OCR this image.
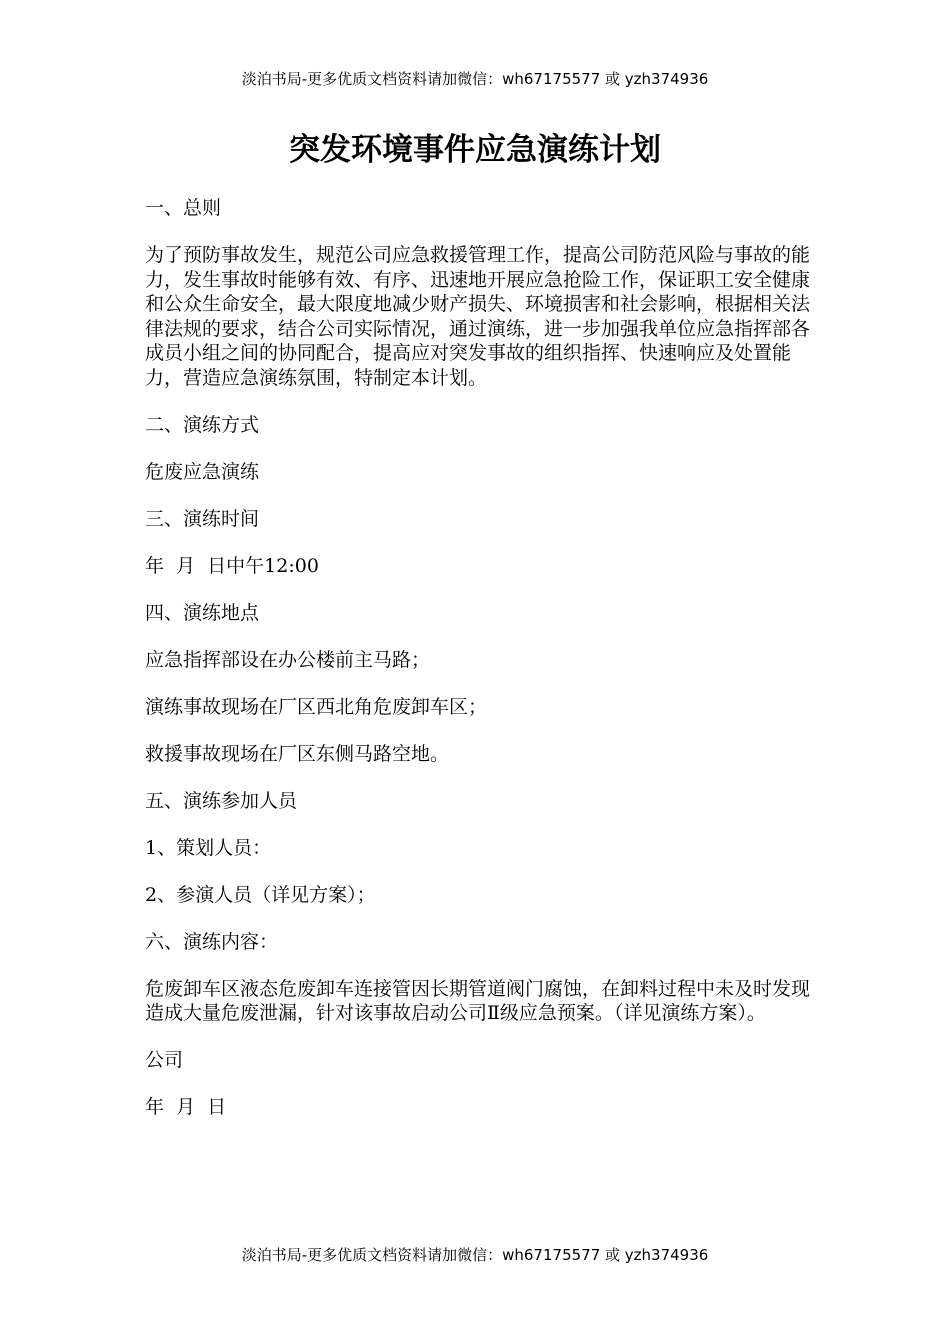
淡泊书局-更多优质文档资料请加微信：wh67175577 或 yzh374936
突发环境事件应急演练计划

一、总则

为了预防事故发生，规范公司应急救援管理工作，提高公司防范风险与事故的能力，发生事故时能够有效、有序、迅速地开展应急抢险工作，保证职工安全健康和公众生命安全，最大限度地减少财产损失、环境损害和社会影响，根据相关法律法规的要求，结合公司实际情况，通过演练，进一步加强我单位应急指挥部各成员小组之间的协同配合，提高应对突发事故的组织指挥、快速响应及处置能力，营造应急演练氛围，特制定本计划。

二、演练方式

危废应急演练

三、演练时间

年  月  日中午12:00

四、演练地点

应急指挥部设在办公楼前主马路；

演练事故现场在厂区西北角危废卸车区；

救援事故现场在厂区东侧马路空地。

五、演练参加人员

1、策划人员：

2、参演人员（详见方案）；

六、演练内容：

危废卸车区液态危废卸车连接管因长期管道阀门腐蚀，在卸料过程中未及时发现造成大量危废泄漏，针对该事故启动公司Ⅱ级应急预案。（详见演练方案）。

公司

年  月  日

淡泊书局-更多优质文档资料请加微信：wh67175577 或 yzh374936
